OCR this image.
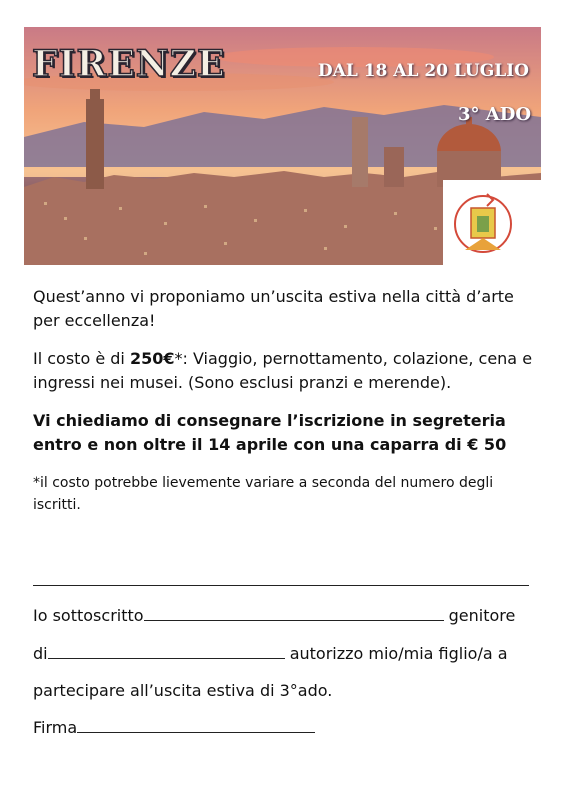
FIRENZE	DAL 18 AL 20 LUGLIO
3° ADO
Quest’anno vi proponiamo un’uscita estiva nella città d’arte per eccellenza!
Il costo è di 250€*: Viaggio, pernottamento, colazione, cena e ingressi nei musei. (Sono esclusi pranzi e merende).
Vi chiediamo di consegnare l’iscrizione in segreteria entro e non oltre il 14 aprile con una caparra di € 50
*il costo potrebbe lievemente variare a seconda del numero degli iscritti.
Io sottoscritto	genitore
di	autorizzo mio/mia figlio/a a
partecipare all’uscita estiva di 3°ado.
Firma
